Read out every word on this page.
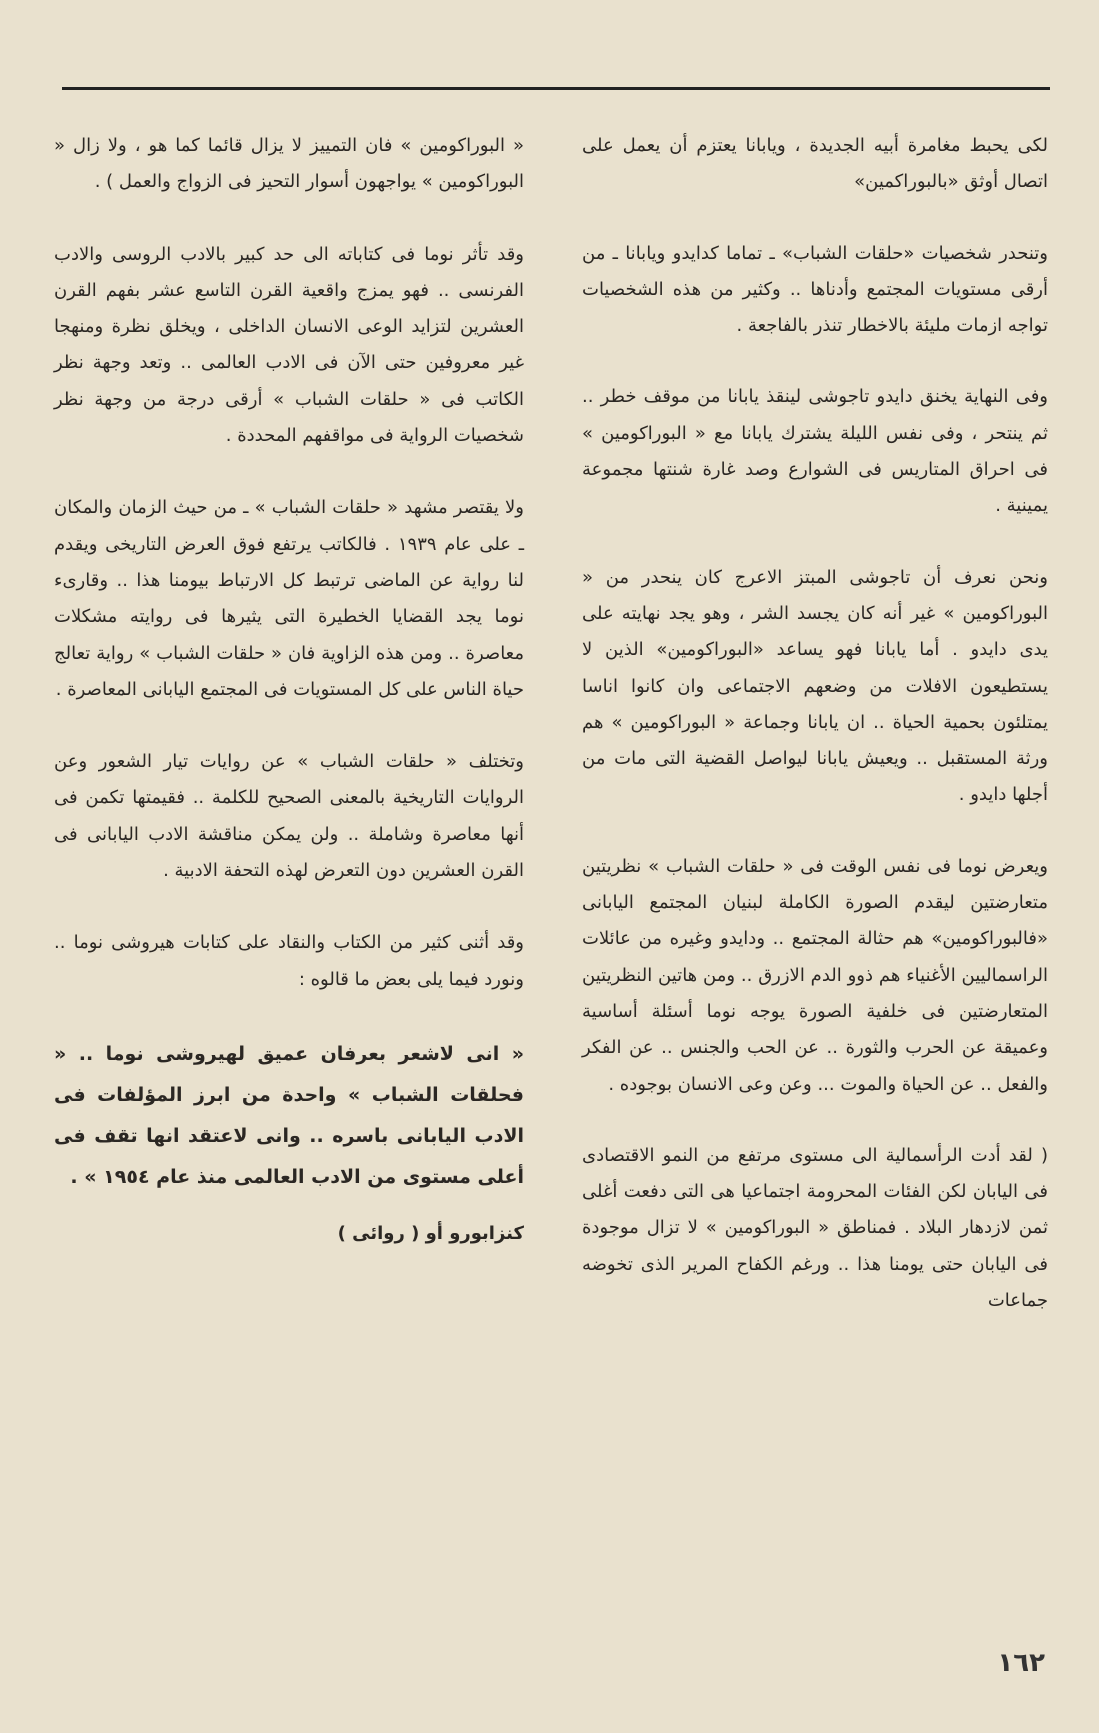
لكى يحبط مغامرة أبيه الجديدة ، ويابانا يعتزم أن يعمل على اتصال أوثق «بالبوراكمين»

وتنحدر شخصيات «حلقات الشباب» ـ تماما كدايدو ويابانا ـ من أرقى مستويات المجتمع وأدناها .. وكثير من هذه الشخصيات تواجه ازمات مليئة بالاخطار تنذر بالفاجعة .

وفى النهاية يخنق دايدو تاجوشى لينقذ يابانا من موقف خطر .. ثم ينتحر ، وفى نفس الليلة يشترك يابانا مع « البوراكومين » فى احراق المتاريس فى الشوارع وصد غارة شنتها مجموعة يمينية .

ونحن نعرف أن تاجوشى المبتز الاعرج كان ينحدر من « البوراكومين » غير أنه كان يجسد الشر ، وهو يجد نهايته على يدى دايدو . أما يابانا فهو يساعد «البوراكومين» الذين لا يستطيعون الافلات من وضعهم الاجتماعى وان كانوا اناسا يمتلئون بحمية الحياة .. ان يابانا وجماعة « البوراكومين » هم ورثة المستقبل .. ويعيش يابانا ليواصل القضية التى مات من أجلها دايدو .

ويعرض نوما فى نفس الوقت فى « حلقات الشباب » نظريتين متعارضتين ليقدم الصورة الكاملة لبنيان المجتمع اليابانى «فالبوراكومين» هم حثالة المجتمع .. ودايدو وغيره من عائلات الراسماليين الأغنياء هم ذوو الدم الازرق .. ومن هاتين النظريتين المتعارضتين فى خلفية الصورة يوجه نوما أسئلة أساسية وعميقة عن الحرب والثورة .. عن الحب والجنس .. عن الفكر والفعل .. عن الحياة والموت ... وعن وعى الانسان بوجوده .

( لقد أدت الرأسمالية الى مستوى مرتفع من النمو الاقتصادى فى اليابان لكن الفئات المحرومة اجتماعيا هى التى دفعت أغلى ثمن لازدهار البلاد . فمناطق « البوراكومين » لا تزال موجودة فى اليابان حتى يومنا هذا .. ورغم الكفاح المرير الذى تخوضه جماعات

« البوراكومين » فان التمييز لا يزال قائما كما هو ، ولا زال « البوراكومين » يواجهون أسوار التحيز فى الزواج والعمل ) .

وقد تأثر نوما فى كتاباته الى حد كبير بالادب الروسى والادب الفرنسى .. فهو يمزج واقعية القرن التاسع عشر بفهم القرن العشرين لتزايد الوعى الانسان الداخلى ، ويخلق نظرة ومنهجا غير معروفين حتى الآن فى الادب العالمى .. وتعد وجهة نظر الكاتب فى « حلقات الشباب » أرقى درجة من وجهة نظر شخصيات الرواية فى مواقفهم المحددة .

ولا يقتصر مشهد « حلقات الشباب » ـ من حيث الزمان والمكان ـ على عام ١٩٣٩ . فالكاتب يرتفع فوق العرض التاريخى ويقدم لنا رواية عن الماضى ترتبط كل الارتباط بيومنا هذا .. وقارىء نوما يجد القضايا الخطيرة التى يثيرها فى روايته مشكلات معاصرة .. ومن هذه الزاوية فان « حلقات الشباب » رواية تعالج حياة الناس على كل المستويات فى المجتمع اليابانى المعاصرة .

وتختلف « حلقات الشباب » عن روايات تيار الشعور وعن الروايات التاريخية بالمعنى الصحيح للكلمة .. فقيمتها تكمن فى أنها معاصرة وشاملة .. ولن يمكن مناقشة الادب اليابانى فى القرن العشرين دون التعرض لهذه التحفة الادبية .

وقد أثنى كثير من الكتاب والنقاد على كتابات هيروشى نوما .. ونورد فيما يلى بعض ما قالوه :

« انى لاشعر بعرفان عميق لهيروشى نوما .. « فحلقات الشباب » واحدة من ابرز المؤلفات فى الادب اليابانى باسره .. وانى لاعتقد انها تقف فى أعلى مستوى من الادب العالمى منذ عام ١٩٥٤ » .

كنزابورو أو ( روائى )

١٦٢
